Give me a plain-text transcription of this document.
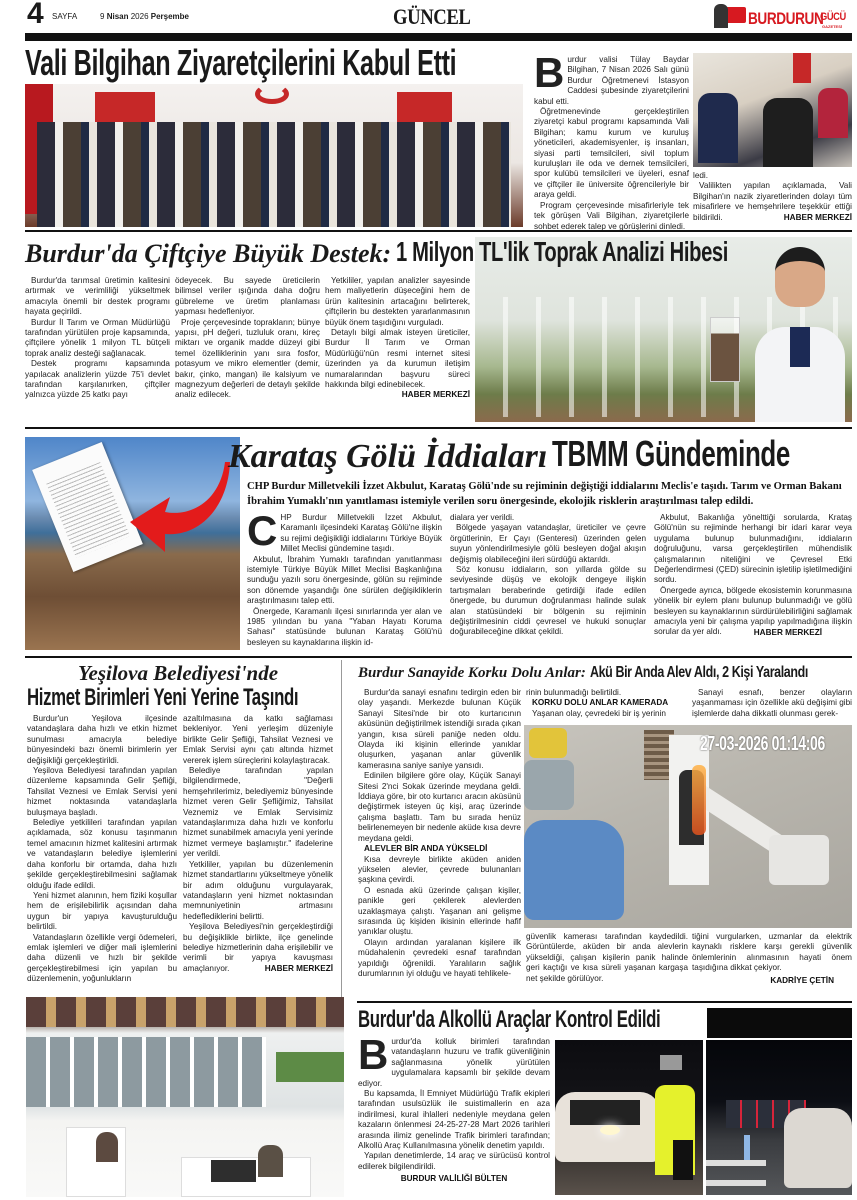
4 SAYFA	9 Nisan 2026 Perşembe	GÜNCEL	BURDURUN
GÜCÜ
GAZETESİ
Vali Bilgihan Ziyaretçilerini Kabul Etti B urdur valisi Tülay Baydar Bilgihan, 7 Nisan 2026 Salı günü Burdur Öğretmenevi İstasyon Caddesi şubesinde ziyaretçilerini kabul etti.

Öğretmenevinde gerçekleştirilen ziyaretçi kabul programı kapsamında Vali Bilgihan; kamu kurum ve kuruluş yöneticileri, akademisyenler, iş insanları, siyasi parti temsilcileri, sivil toplum kuruluşları ile oda ve dernek temsilcileri, spor kulübü temsilcileri ve üyeleri, esnaf ve çiftçiler ile üniversite öğrencileriyle bir araya geldi.

Program çerçevesinde misafirleriyle tek tek görüşen Vali Bilgihan, ziyaretçilerle sohbet ederek talep ve görüşlerini dinledi.

ledi.

Valilikten yapılan açıklamada, Vali Bilgihan'ın nazik ziyaretlerinden dolayı tüm misafirlere ve hemşehrilere teşekkür ettiği bildirildi.	HABER MERKEZİ
Burdur'da Çiftçiye Büyük Destek: 1 Milyon TL'lik Toprak Analizi Hibesi

Burdur'da tarımsal üretimin kalitesini artırmak ve verimliliği yükseltmek amacıyla önemli bir destek programı hayata geçirildi.

Burdur İl Tarım ve Orman Müdürlüğü tarafından yürütülen proje kapsamında, çiftçilere yönelik 1 milyon TL bütçeli toprak analiz desteği sağlanacak.

Destek programı kapsamında yapılacak analizlerin yüzde 75'i devlet tarafından karşılanırken, çiftçiler yalnızca yüzde 25 katkı payı

ödeyecek. Bu sayede üreticilerin bilimsel veriler ışığında daha doğru gübreleme ve üretim planlaması yapması hedefleniyor.

Proje çerçevesinde toprakların; bünye yapısı, pH değeri, tuzluluk oranı, kireç miktarı ve organik madde düzeyi gibi temel özelliklerinin yanı sıra fosfor, potasyum ve mikro elementler (demir, bakır, çinko, mangan) ile kalsiyum ve magnezyum değerleri de detaylı şekilde analiz edilecek.

Yetkililer, yapılan analizler sayesinde hem maliyetlerin düşeceğini hem de ürün kalitesinin artacağını belirterek, çiftçilerin bu destekten yararlanmasının büyük önem taşıdığını vurguladı.

Detaylı bilgi almak isteyen üreticiler, Burdur İl Tarım ve Orman Müdürlüğü'nün resmi internet sitesi üzerinden ya da kurumun iletişim numaralarından başvuru süreci hakkında bilgi edinebilecek.

HABER MERKEZİ
Karataş Gölü İddiaları TBMM Gündeminde
CHP Burdur Milletvekili İzzet Akbulut, Karataş Gölü'nde su rejiminin değiştiği iddialarını Meclis'e taşıdı. Tarım ve Orman Bakanı İbrahim Yumaklı'nın yanıtlaması istemiyle verilen soru önergesinde, ekolojik risklerin araştırılması talep edildi.
C HP Burdur Milletvekili İzzet Akbulut, Karamanlı ilçesindeki Karataş Gölü'ne ilişkin su rejimi değişikliği iddialarını Türkiye Büyük Millet Meclisi gündemine taşıdı.

Akbulut, İbrahim Yumaklı tarafından yanıtlanması istemiyle Türkiye Büyük Millet Meclisi Başkanlığına sunduğu yazılı soru önergesinde, gölün su rejiminde son dönemde yaşandığı öne sürülen değişikliklerin araştırılmasını talep etti.

Önergede, Karamanlı ilçesi sınırlarında yer alan ve 1985 yılından bu yana "Yaban Hayatı Koruma Sahası" statüsünde bulunan Karataş Gölü'nü besleyen su kaynaklarına ilişkin id-

dialara yer verildi.

Bölgede yaşayan vatandaşlar, üreticiler ve çevre örgütlerinin, Er Çayı (Genteresi) üzerinden gelen suyun yönlendirilmesiyle gölü besleyen doğal akışın değişmiş olabileceğini ileri sürdüğü aktarıldı.

Söz konusu iddiaların, son yıllarda gölde su seviyesinde düşüş ve ekolojik dengeye ilişkin tartışmaları beraberinde getirdiği ifade edilen önergede, bu durumun doğrulanması halinde sulak alan statüsündeki bir bölgenin su rejiminin değiştirilmesinin ciddi çevresel ve hukuki sonuçlar doğurabileceğine dikkat çekildi.

Akbulut, Bakanlığa yönelttiği sorularda, Krataş Gölü'nün su rejiminde herhangi bir idari karar veya uygulama bulunup bulunmadığını, iddiaların doğruluğunu, varsa gerçekleştirilen mühendislik çalışmalarının niteliğini ve Çevresel Etki Değerlendirmesi (ÇED) sürecinin işletilip işletilmediğini sordu.

Önergede ayrıca, bölgede ekosistemin korunmasına yönelik bir eylem planı bulunup bulunmadığı ve gölü besleyen su kaynaklarının sürdürülebilirliğini sağlamak amacıyla yeni bir çalışma yapılıp yapılmadığına ilişkin sorular da yer aldı.	HABER MERKEZİ
Yeşilova Belediyesi'nde
Hizmet Birimleri Yeni Yerine Taşındı

Burdur'un Yeşilova ilçesinde vatandaşlara daha hızlı ve etkin hizmet sunulması amacıyla belediye bünyesindeki bazı önemli birimlerin yer değişikliği gerçekleştirildi.

Yeşilova Belediyesi tarafından yapılan düzenleme kapsamında Gelir Şefliği, Tahsilat Veznesi ve Emlak Servisi yeni hizmet noktasında vatandaşlarla buluşmaya başladı.

Belediye yetkilileri tarafından yapılan açıklamada, söz konusu taşınmanın temel amacının hizmet kalitesini artırmak ve vatandaşların belediye işlemlerini daha konforlu bir ortamda, daha hızlı şekilde gerçekleştirebilmesini sağlamak olduğu ifade edildi.

Yeni hizmet alanının, hem fiziki koşullar hem de erişilebilirlik açısından daha uygun bir yapıya kavuşturulduğu belirtildi.

Vatandaşların özellikle vergi ödemeleri, emlak işlemleri ve diğer mali işlemlerini daha düzenli ve hızlı bir şekilde gerçekleştirebilmesi için yapılan bu düzenlemenin, yoğunlukların

azaltılmasına da katkı sağlaması bekleniyor. Yeni yerleşim düzeniyle birlikte Gelir Şefliği, Tahsilat Veznesi ve Emlak Servisi aynı çatı altında hizmet vererek işlem süreçlerini kolaylaştıracak.

Belediye tarafından yapılan bilgilendirmede, "Değerli hemşehrilerimiz, belediyemiz bünyesinde hizmet veren Gelir Şefliğimiz, Tahsilat Veznemiz ve Emlak Servisimiz vatandaşlarımıza daha hızlı ve konforlu hizmet sunabilmek amacıyla yeni yerinde hizmet vermeye başlamıştır." ifadelerine yer verildi.

Yetkililer, yapılan bu düzenlemenin hizmet standartlarını yükseltmeye yönelik bir adım olduğunu vurgulayarak, vatandaşların yeni hizmet noktasından memnuniyetinin artmasını hedeflediklerini belirtti.

Yeşilova Belediyesi'nin gerçekleştirdiği bu değişiklikle birlikte, ilçe genelinde belediye hizmetlerinin daha erişilebilir ve verimli bir yapıya kavuşması amaçlanıyor.	HABER MERKEZİ
Burdur Sanayide Korku Dolu Anlar: Akü Bir Anda Alev Aldı, 2 Kişi Yaralandı

Burdur'da sanayi esnafını tedirgin eden bir olay yaşandı. Merkezde bulunan Küçük Sanayi Sitesi'nde bir oto kurtarıcının aküsünün değiştirilmek istendiği sırada çıkan yangın, kısa süreli paniğe neden oldu. Olayda iki kişinin ellerinde yanıklar oluşurken, yaşanan anlar güvenlik kamerasına saniye saniye yansıdı.

Edinilen bilgilere göre olay, Küçük Sanayi Sitesi 2'nci Sokak üzerinde meydana geldi. İddiaya göre, bir oto kurtarıcı aracın aküsünü değiştirmek isteyen üç kişi, araç üzerinde çalışma başlattı. Tam bu sırada henüz belirlenemeyen bir nedenle aküde kısa devre meydana geldi.

ALEVLER BİR ANDA YÜKSELDİ

Kısa devreyle birlikte aküden aniden yükselen alevler, çevrede bulunanları şaşkına çevirdi.

O esnada akü üzerinde çalışan kişiler, panikle geri çekilerek alevlerden uzaklaşmaya çalıştı. Yaşanan ani gelişme sırasında üç kişiden ikisinin ellerinde hafif yanıklar oluştu.

Olayın ardından yaralanan kişilere ilk müdahalenin çevredeki esnaf tarafından yapıldığı öğrenildi. Yaralıların sağlık durumlarının iyi olduğu ve hayati tehlikele-

rinin bulunmadığı belirtildi.
KORKU DOLU ANLAR KAMERADA

Yaşanan olay, çevredeki bir iş yerinin

Sanayi esnafı, benzer olayların yaşanmaması için özellikle akü değişimi gibi işlemlerde daha dikkatli olunması gerek-

27-03-2026 01:14:06
güvenlik kamerası tarafından kaydedildi. Görüntülerde, aküden bir anda alevlerin yükseldiği, çalışan kişilerin panik halinde geri kaçtığı ve kısa süreli yaşanan kargaşa net şekilde görülüyor.
tiğini vurgularken, uzmanlar da elektrik kaynaklı risklere karşı gerekli güvenlik önlemlerinin alınmasının hayati önem taşıdığına dikkat çekiyor.
KADRİYE ÇETİN
Burdur'da Alkollü Araçlar Kontrol Edildi
B urdur'da kolluk birimleri tarafından vatandaşların huzuru ve trafik güvenliğinin sağlanmasına yönelik yürütülen uygulamalara kapsamlı bir şekilde devam ediyor.

Bu kapsamda, İl Emniyet Müdürlüğü Trafik ekipleri tarafından usulsüzlük ile suistimallerin en aza indirilmesi, kural ihlalleri nedeniyle meydana gelen kazaların önlenmesi 24-25-27-28 Mart 2026 tarihleri arasında ilimiz genelinde Trafik birimleri tarafından; Alkollü Araç Kullanılmasına yönelik denetim yapıldı.

Yapılan denetimlerde, 14 araç ve sürücüsü kontrol edilerek bilgilendirildi.

BURDUR VALİLİĞİ BÜLTEN
